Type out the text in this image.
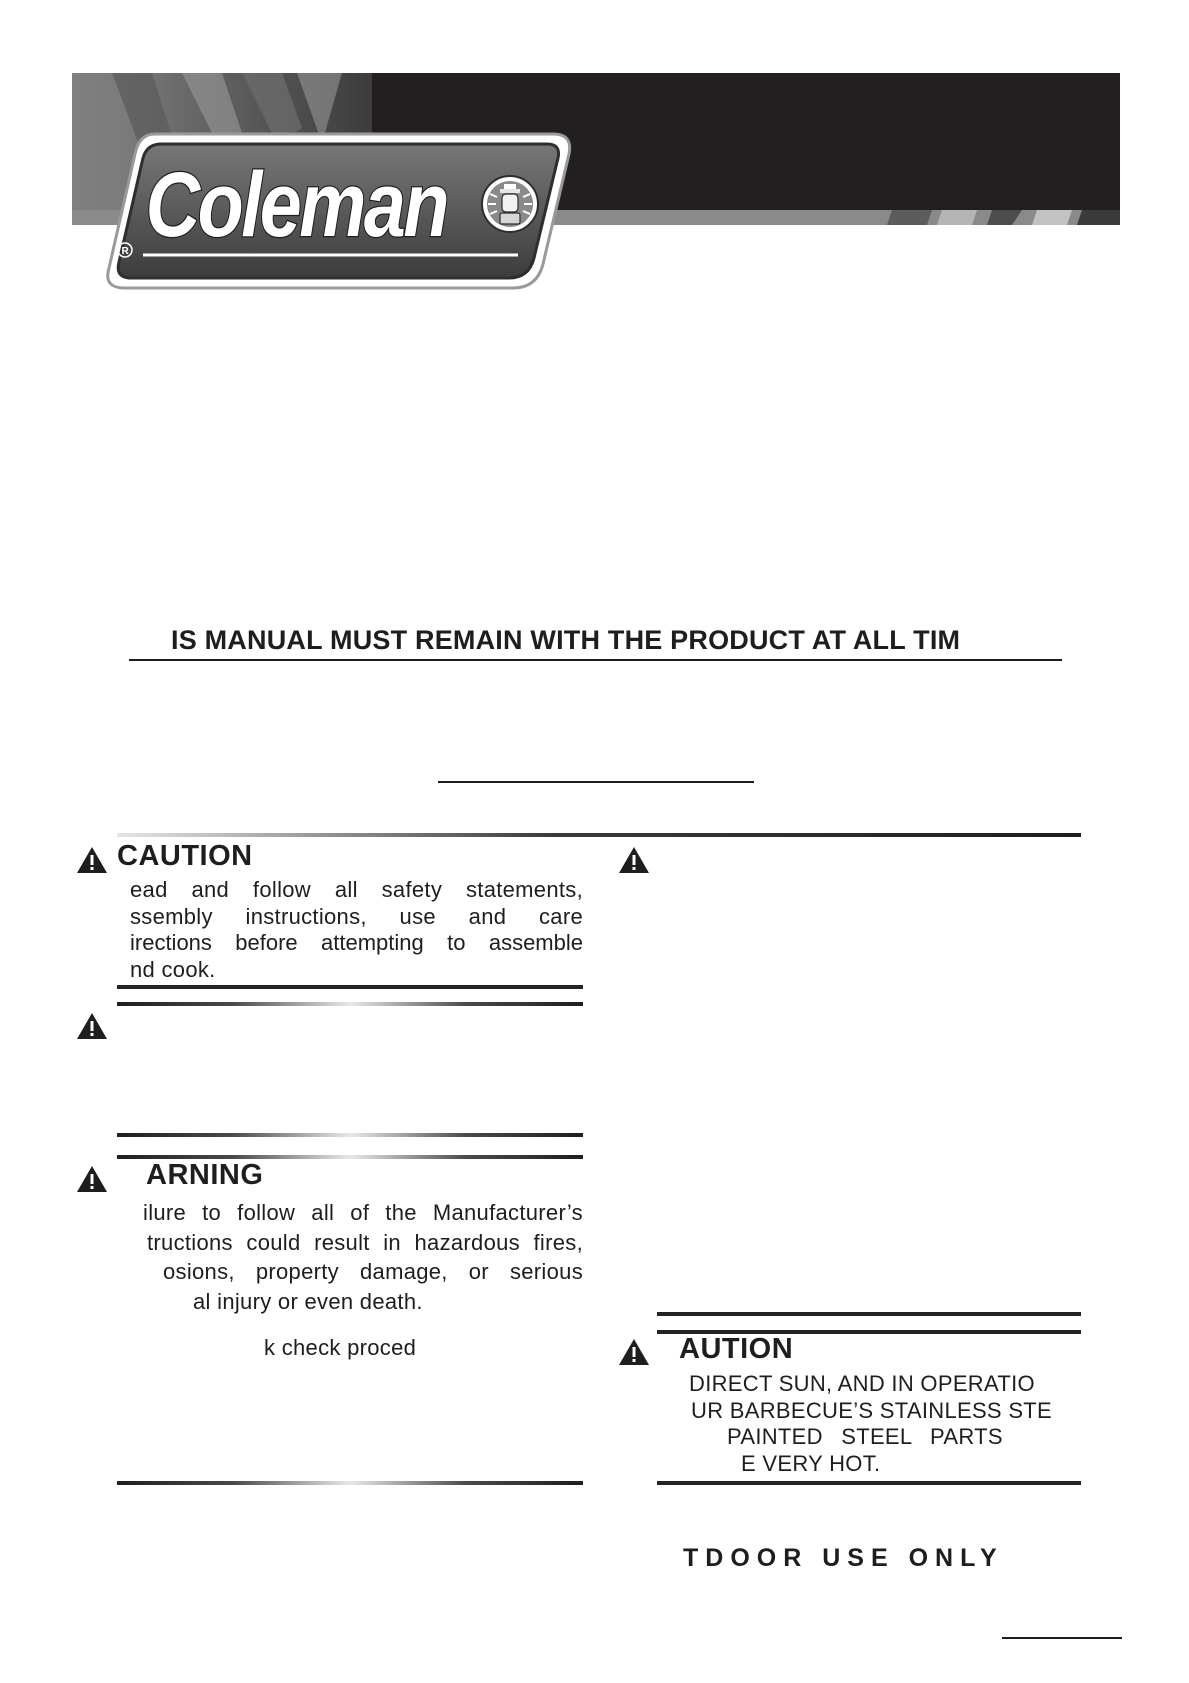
Coleman
R
IS MANUAL MUST REMAIN WITH THE PRODUCT AT ALL TIM
CAUTION
ead and follow all safety statements,
ssembly instructions, use and care
irections before attempting to assemble
nd cook.
ARNING
ilure to follow all of the Manufacturer’s
tructions could result in hazardous fires,
osions, property damage, or serious
al injury or even death.
k check proced	AUTION
DIRECT SUN, AND IN OPERATIO
UR BARBECUE’S STAINLESS STE
PAINTED STEEL PARTS
E VERY HOT.
TDOOR USE ONLY
